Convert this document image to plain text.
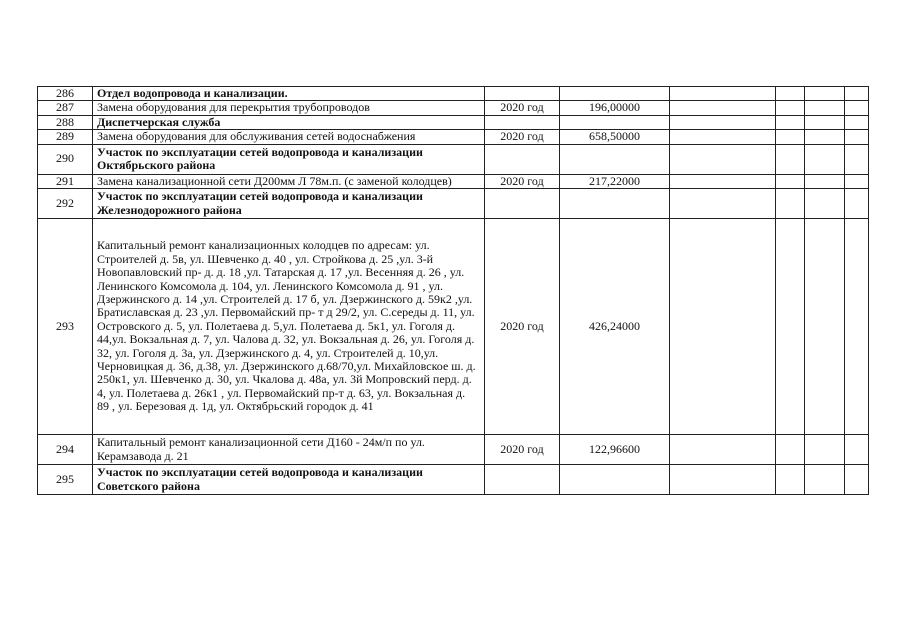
286	Отдел водопровода и канализации.						
287	Замена оборудования для перекрытия трубопроводов	2020 год	196,00000				
288	Диспетчерская служба						
289	Замена оборудования для обслуживания сетей водоснабжения	2020 год	658,50000				
290	Участок по эксплуатации сетей водопровода и канализации Октябрьского района						
291	Замена канализационной сети Д200мм Л 78м.п. (с заменой колодцев)	2020 год	217,22000				
292	Участок по эксплуатации сетей водопровода и канализации Железнодорожного района						
293	Капитальный ремонт канализационных колодцев по адресам: ул. Строителей д. 5в, ул. Шевченко д. 40 , ул. Стройкова д. 25 ,ул. 3-й Новопавловский пр- д. д. 18 ,ул. Татарская д. 17 ,ул. Весенняя д. 26 , ул. Ленинского Комсомола д. 104, ул. Ленинского Комсомола д. 91 , ул. Дзержинского д. 14 ,ул. Строителей д. 17 б, ул. Дзержинского д. 59к2 ,ул. Братиславская д. 23 ,ул. Первомайский пр- т д 29/2, ул. С.середы д. 11, ул. Островского д. 5, ул. Полетаева д. 5,ул. Полетаева д. 5к1, ул. Гоголя д. 44,ул. Вокзальная д. 7, ул. Чалова д. 32, ул. Вокзальная д. 26, ул. Гоголя д. 32, ул. Гоголя д. 3а, ул. Дзержинского д. 4, ул. Строителей д. 10,ул. Черновицкая д. 36, д.38, ул. Дзержинского д.68/70,ул. Михайловское ш. д. 250к1, ул. Шевченко д. 30, ул. Чкалова д. 48а, ул. 3й Мопровский перд. д. 4, ул. Полетаева д. 26к1 , ул. Первомайский пр-т д. 63, ул. Вокзальная д. 89 , ул. Березовая д. 1д, ул. Октябрьский городок д. 41	2020 год	426,24000				
294	Капитальный ремонт канализационной сети Д160 - 24м/п по ул. Керамзавода д. 21	2020 год	122,96600				
295	Участок по эксплуатации сетей водопровода и канализации Советского района						
